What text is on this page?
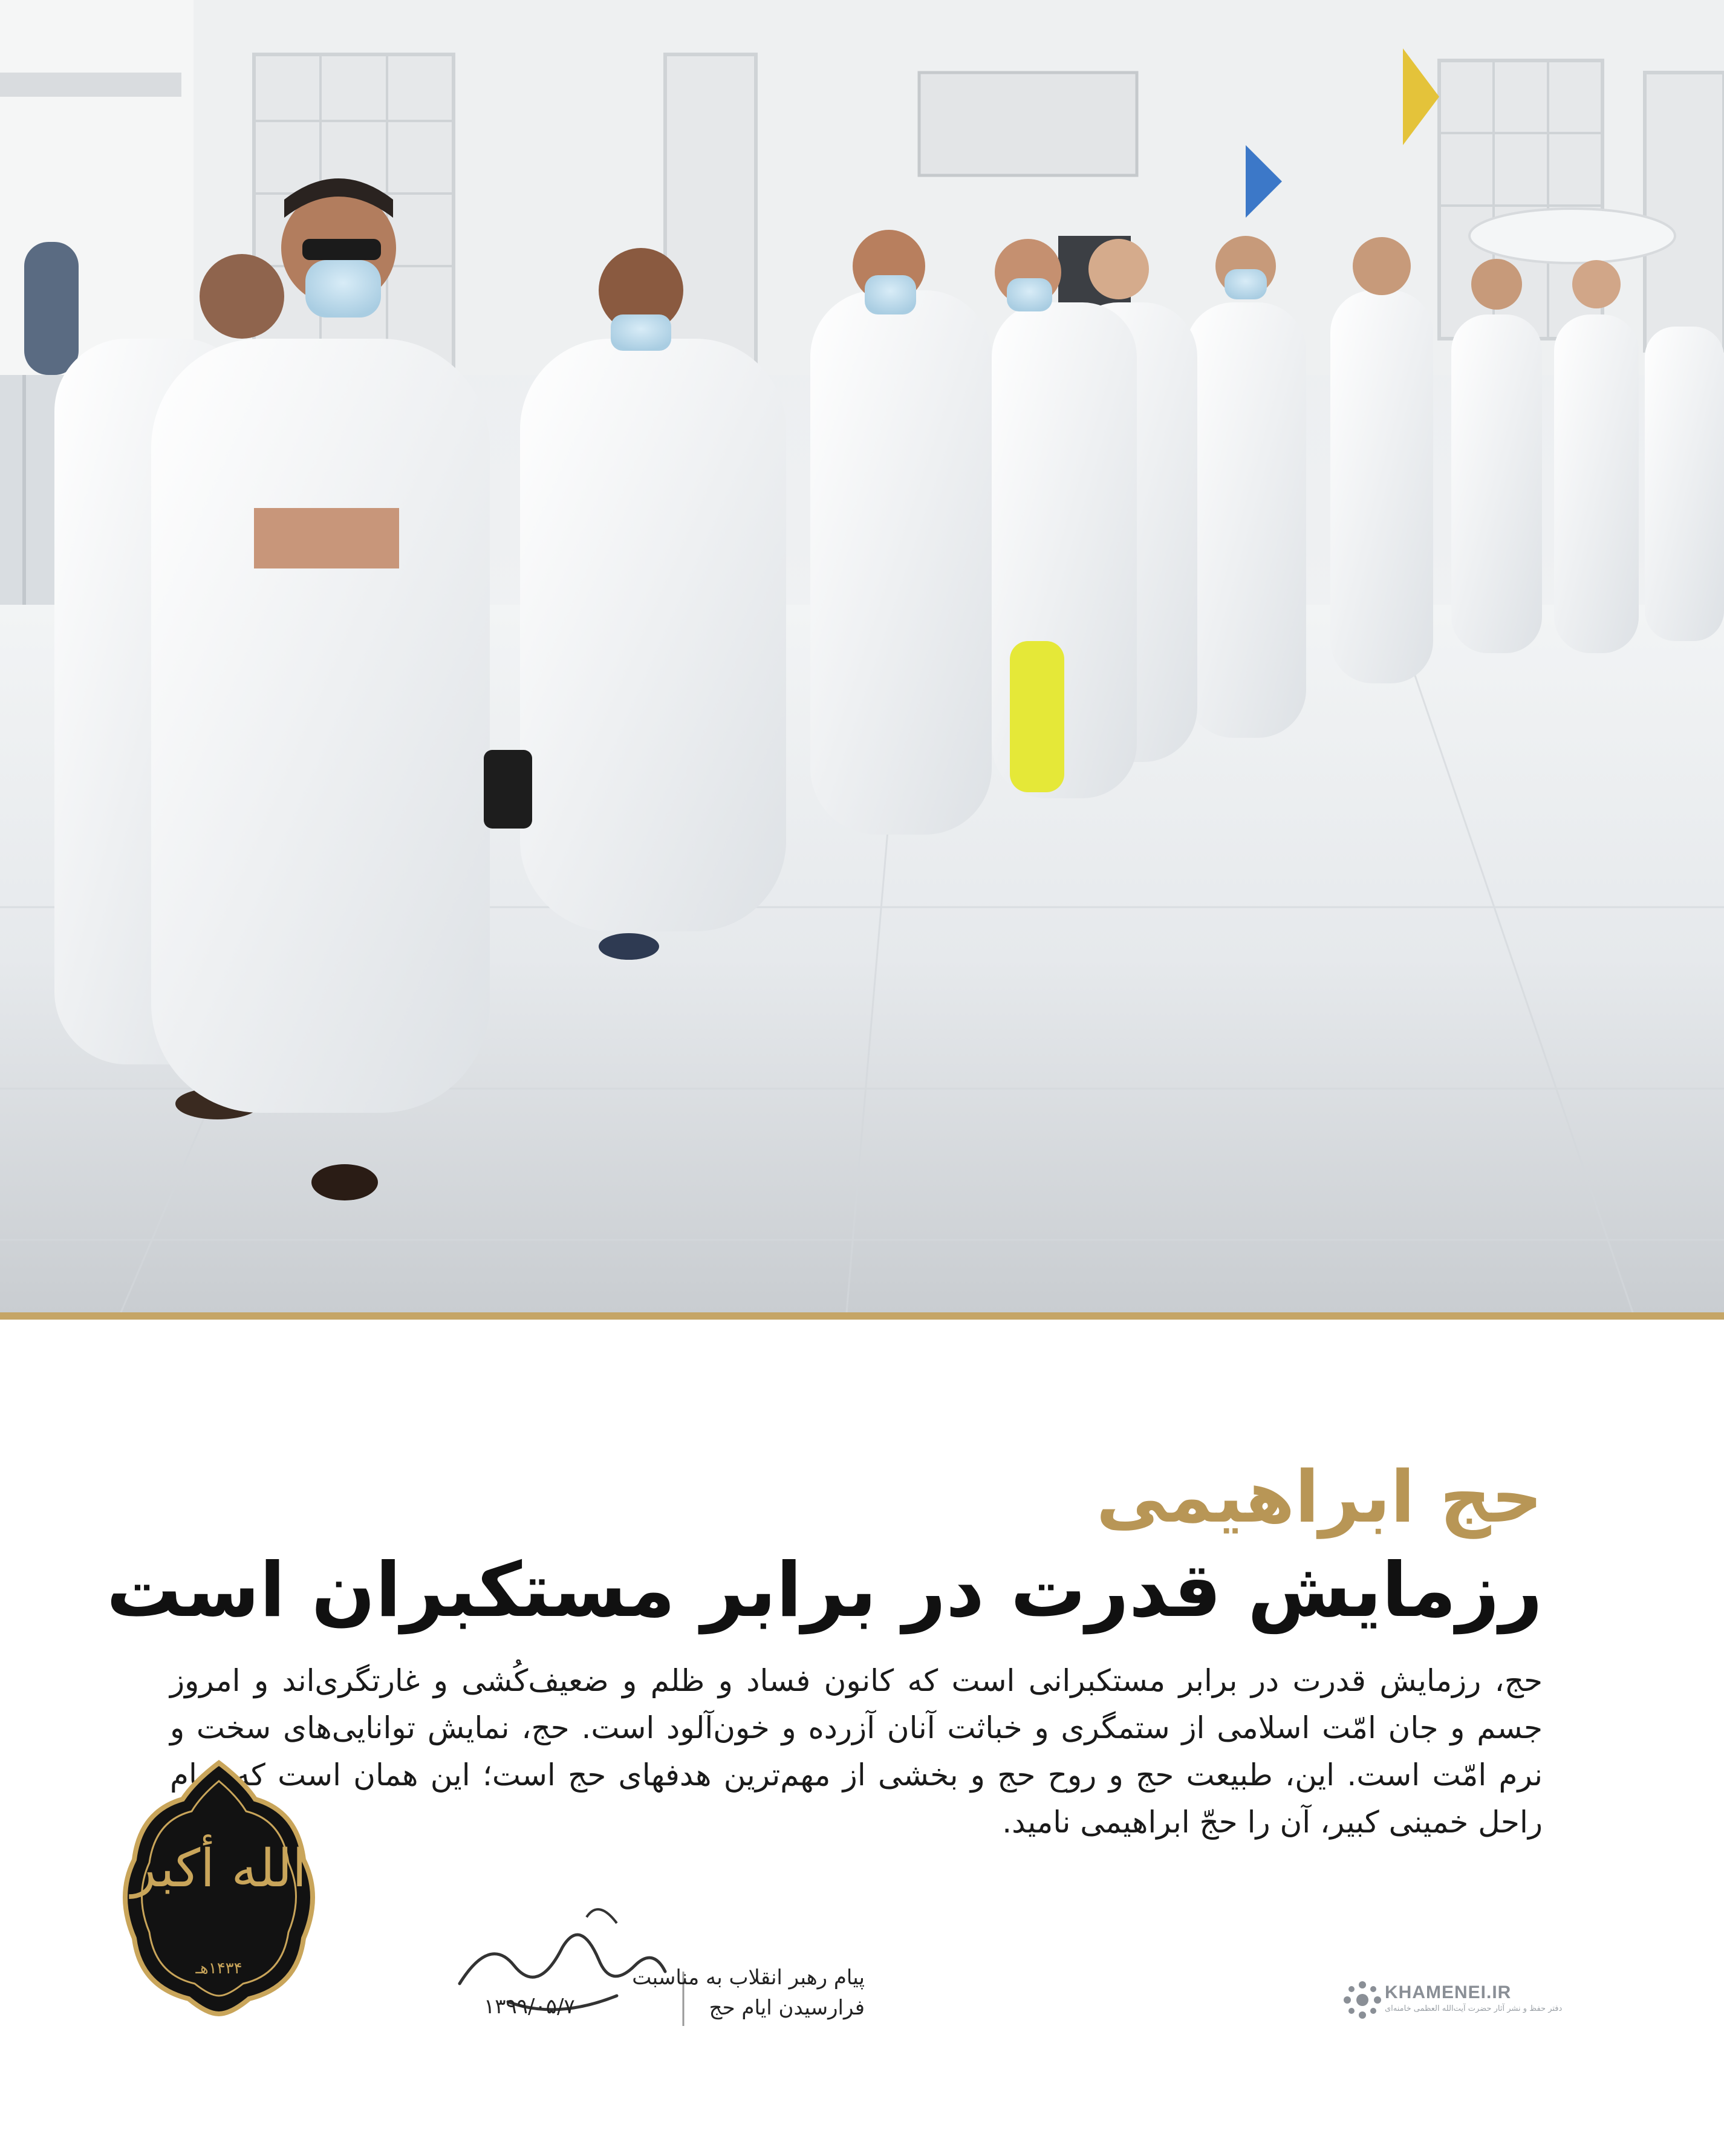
حج ابراهیمی
رزمایش قدرت در برابر مستکبران است
حج، رزمایش قدرت در برابر مستکبرانی است که کانون فساد و ظلم و ضعیف‌کُشی و غارتگری‌اند و امروز جسم و جان امّت اسلامی از ستمگری و خباثت آنان آزرده و خون‌آلود است. حج، نمایش توانایی‌های سخت و نرم امّت است. این، طبیعت حج و روح حج و بخشی از مهم‌ترین هدفهای حج است؛ این همان است که امام راحل خمینی کبیر، آن را حجّ ابراهیمی نامید.
پیام رهبر انقلاب به مناسبت
فرارسیدن ایام حج
۱۳۹۹/۰۵/۷
الله أکبر
۱۴۳۴هـ
KHAMENEI.IR
دفتر حفظ و نشر آثار حضرت آیت‌الله العظمی خامنه‌ای
